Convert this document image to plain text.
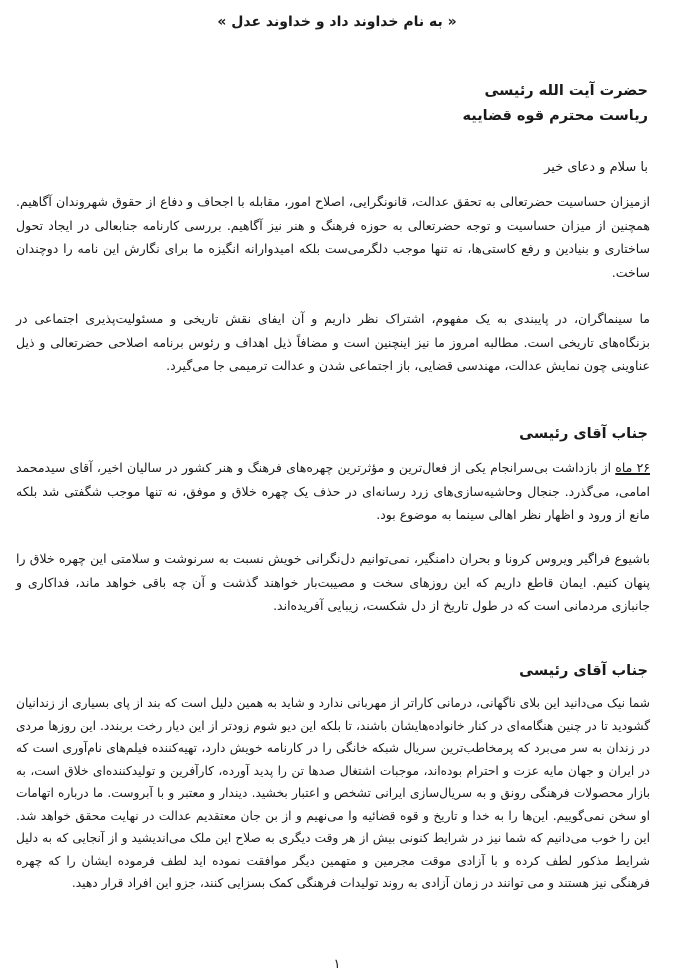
« به نام خداوند داد و خداوند عدل »
حضرت آیت الله رئیسی
ریاست محترم قوه قضاییه
با سلام و دعای خیر
ازمیزان حساسیت حضرتعالی به تحقق عدالت، قانونگرایی، اصلاح امور، مقابله با اجحاف و دفاع از حقوق شهروندان آگاهیم. همچنین از میزان حساسیت و توجه حضرتعالی به حوزه فرهنگ و هنر نیز آگاهیم. بررسی کارنامه جنابعالی در ایجاد تحول ساختاری و بنیادین و رفع کاستی‌ها، نه تنها موجب دلگرمی‌ست بلکه امیدوارانه انگیزه ما برای نگارش این نامه را دوچندان ساخت.
ما سینماگران، در پایبندی به یک مفهوم، اشتراک نظر داریم و آن ایفای نقش تاریخی و مسئولیت‌پذیری اجتماعی در بزنگاه‌های تاریخی است. مطالبه امروز ما نیز اینچنین است و مضافاً ذیل اهداف و رئوس برنامه اصلاحی حضرتعالی و ذیل عناوینی چون نمایش عدالت، مهندسی قضایی، باز اجتماعی شدن و عدالت ترمیمی جا می‌گیرد.
جناب آقای رئیسی
۲۶ ماه از بازداشت بی‌سرانجام یکی از فعال‌ترین و مؤثرترین چهره‌های فرهنگ و هنر کشور در سالیان اخیر، آقای سیدمحمد امامی، می‌گذرد. جنجال وحاشیه‌سازی‌های زرد رسانه‌ای در حذف یک چهره خلاق و موفق، نه تنها موجب شگفتی شد بلکه مانع از ورود و اظهار نظر اهالی سینما به موضوع بود.
باشیوع فراگیر ویروس کرونا و بحران دامنگیر، نمی‌توانیم دل‌نگرانی خویش نسبت به سرنوشت و سلامتی این چهره خلاق را پنهان کنیم. ایمان قاطع داریم که این روزهای سخت و مصیبت‌بار خواهند گذشت و آن چه باقی خواهد ماند، فداکاری و جانبازی مردمانی است که در طول تاریخ از دل شکست، زیبایی آفریده‌اند.
جناب آقای رئیسی
شما نیک می‌دانید این بلای ناگهانی، درمانی کارا‌تر از مهربانی ندارد و شاید به همین دلیل است که بند از پای بسیاری از زندانیان گشودید تا در چنین هنگامه‌ای در کنار خانواده‌هایشان باشند، تا بلکه این دیو شوم زودتر از این دیار رخت بربندد. این روزها مردی در زندان به سر می‌برد که پرمخاطب‌ترین سریال شبکه خانگی را در کارنامه خویش دارد، تهیه‌کننده فیلم‌های نام‌آوری است که در ایران و جهان مایه عزت و احترام بوده‌اند، موجبات اشتغال صدها تن را پدید آورده، کارآفرین و تولیدکننده‌ای خلاق است، به بازار محصولات فرهنگی رونق و به سریال‌سازی ایرانی تشخص و اعتبار بخشید. دیندار و معتبر و با آبروست. ما درباره اتهامات او سخن نمی‌گوییم. این‌ها را به خدا و تاریخ و قوه قضائیه وا می‌نهیم و از بن جان معتقدیم عدالت در نهایت محقق خواهد شد. این را خوب می‌دانیم که شما نیز در شرایط کنونی بیش از هر وقت دیگری به صلاح این ملک می‌اندیشید و از آنجایی که به دلیل شرایط مذکور لطف کرده و با آزادی موقت مجرمین و متهمین دیگر موافقت نموده اید لطف فرموده ایشان را که چهره فرهنگی نیز هستند و می توانند در زمان آزادی به روند تولیدات فرهنگی کمک بسزایی کنند، جزو این افراد قرار دهید.
۱
